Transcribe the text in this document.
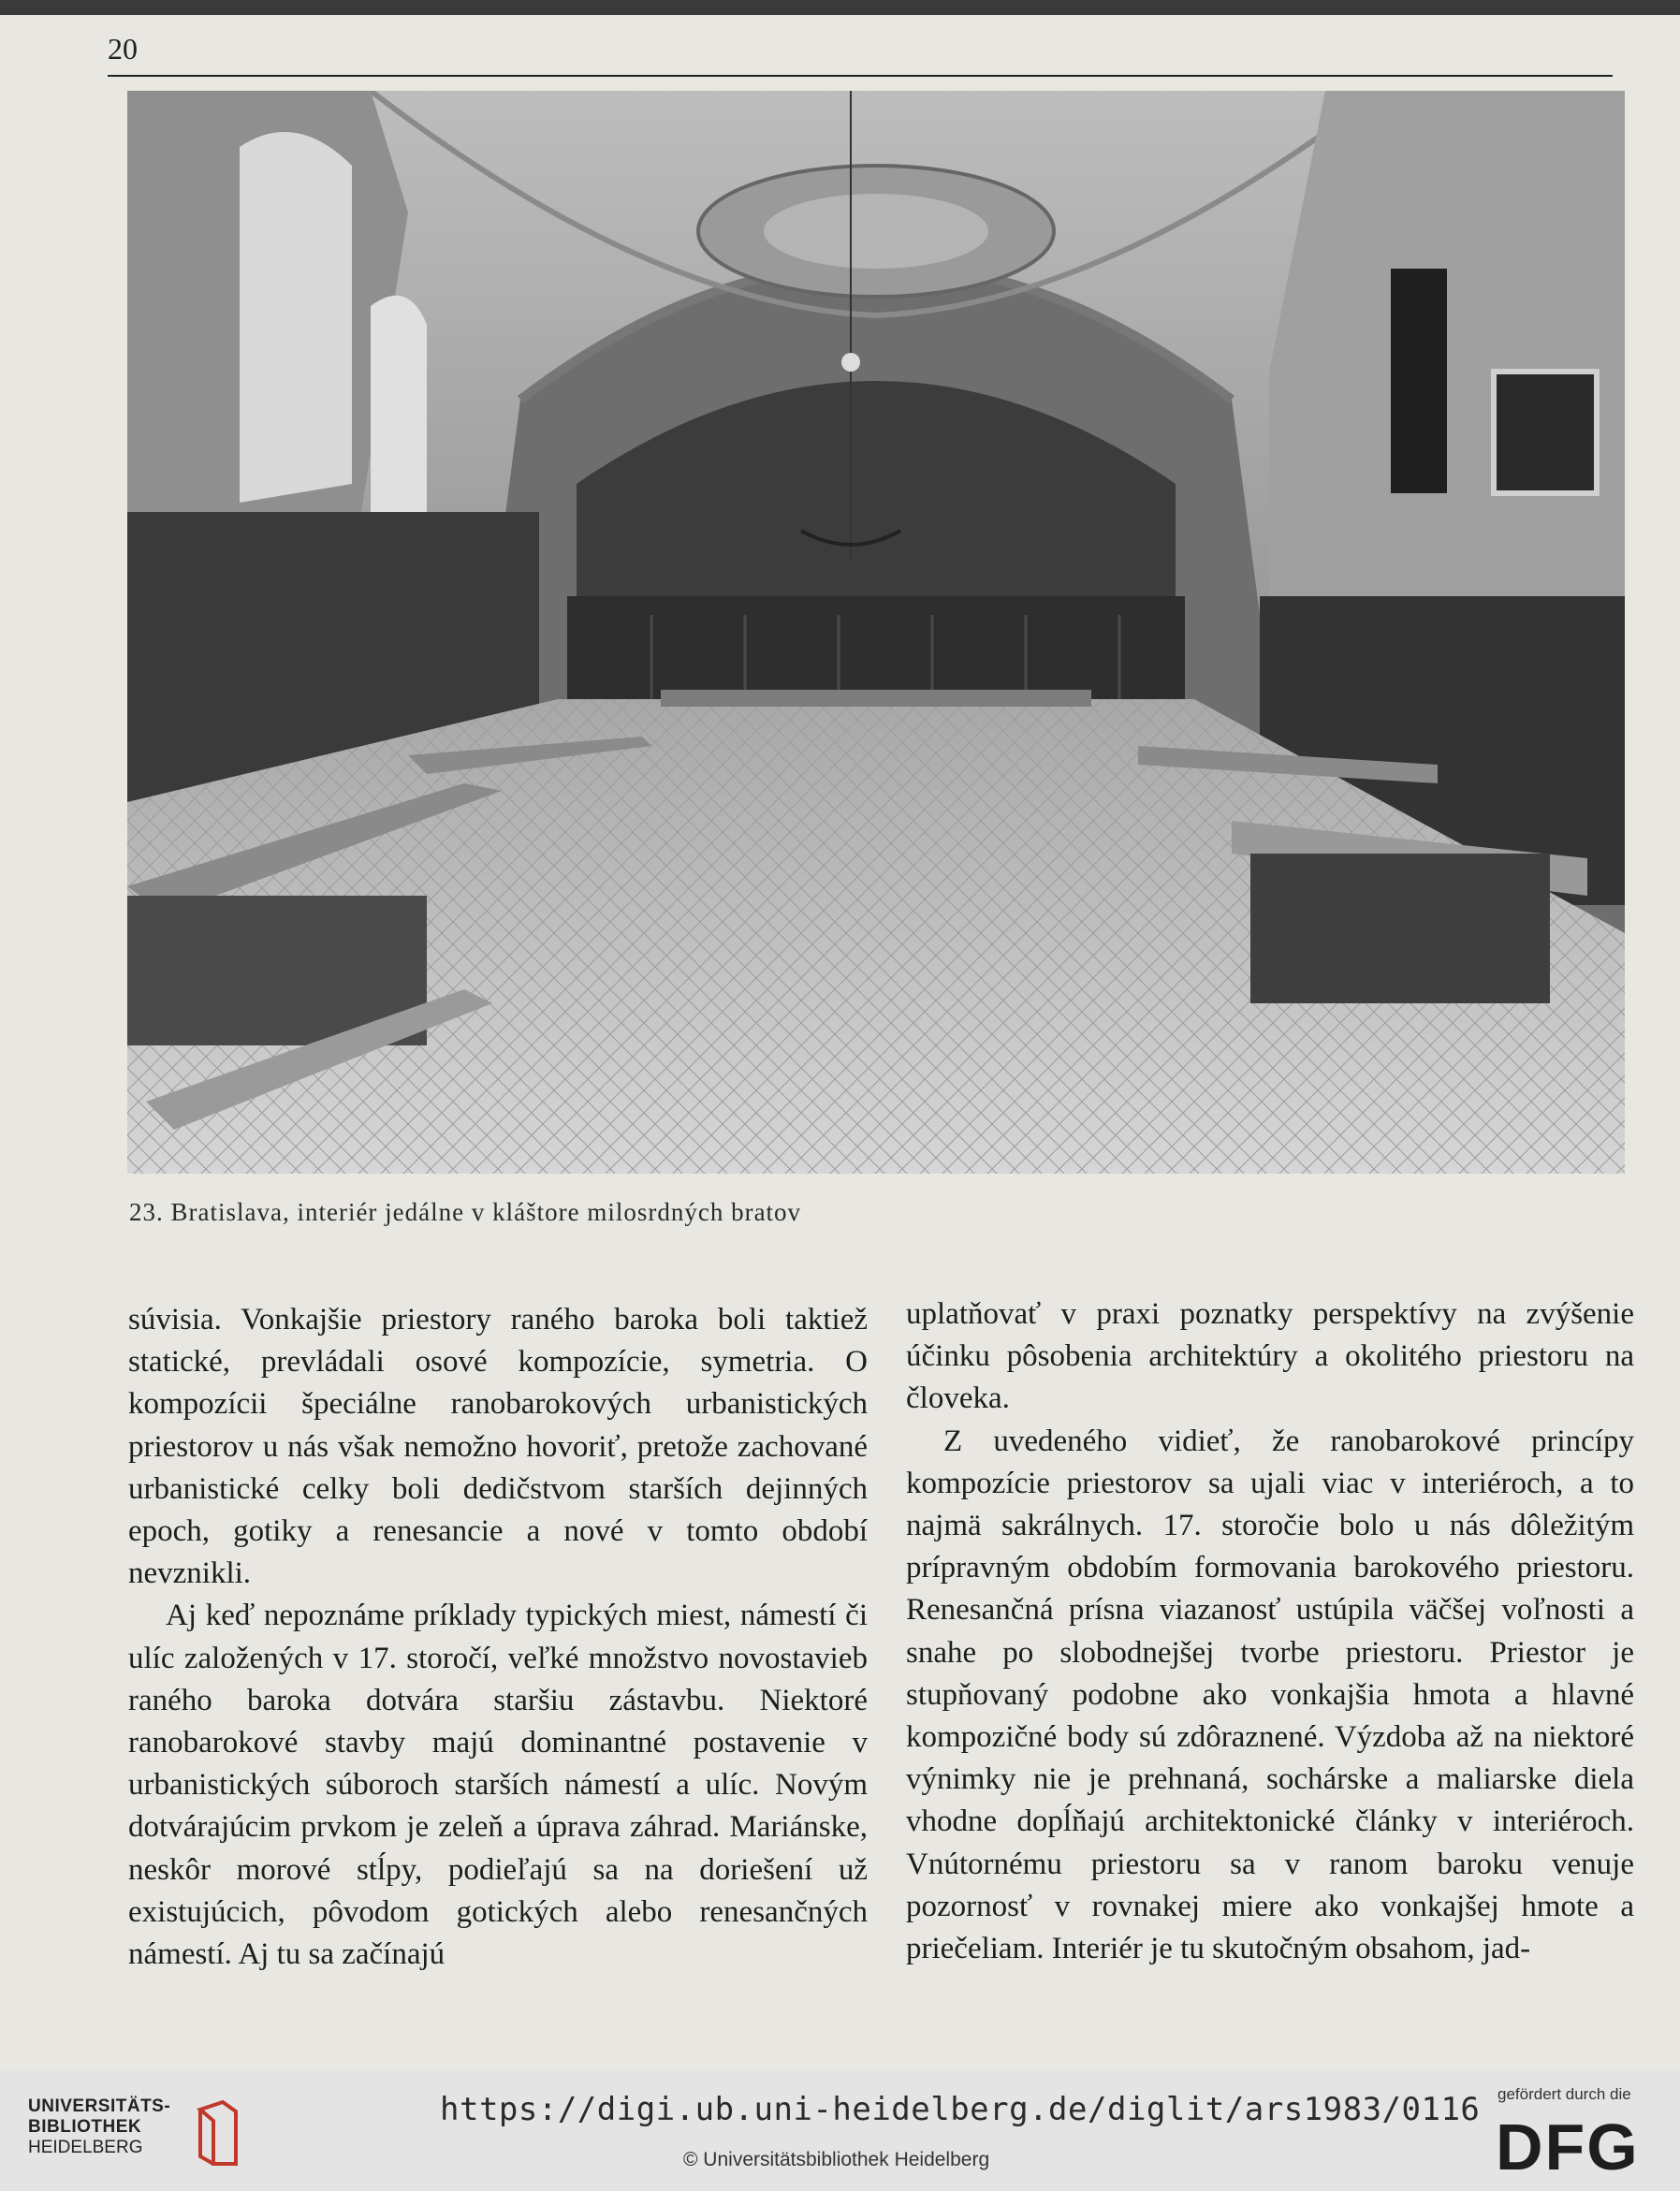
20
23. Bratislava, interiér jedálne v kláštore milosrdných bratov

súvisia. Vonkajšie priestory raného baroka boli taktiež statické, prevládali osové kompozície, symetria. O kompozícii špeciálne ranobarokových urbanistických priestorov u nás však nemožno hovoriť, pretože zachované urbanistické celky boli dedičstvom starších dejinných epoch, gotiky a renesancie a nové v tomto období nevznikli.

Aj keď nepoznáme príklady typických miest, námestí či ulíc založených v 17. storočí, veľké množstvo novostavieb raného baroka dotvára staršiu zástavbu. Niektoré ranobarokové stavby majú dominantné postavenie v urbanistických súboroch starších námestí a ulíc. Novým dotvárajúcim prvkom je zeleň a úprava záhrad. Mariánske, neskôr morové stĺpy, podieľajú sa na doriešení už existujúcich, pôvodom gotických alebo renesančných námestí. Aj tu sa začínajú

uplatňovať v praxi poznatky perspektívy na zvýšenie účinku pôsobenia architektúry a okolitého priestoru na človeka.

Z uvedeného vidieť, že ranobarokové princípy kompozície priestorov sa ujali viac v interiéroch, a to najmä sakrálnych. 17. storočie bolo u nás dôležitým prípravným obdobím formovania barokového priestoru. Renesančná prísna viazanosť ustúpila väčšej voľnosti a snahe po slobodnejšej tvorbe priestoru. Priestor je stupňovaný podobne ako vonkajšia hmota a hlavné kompozičné body sú zdôraznené. Výzdoba až na niektoré výnimky nie je prehnaná, sochárske a maliarske diela vhodne dopĺňajú architektonické články v interiéroch. Vnútornému priestoru sa v ranom baroku venuje pozornosť v rovnakej miere ako vonkajšej hmote a priečeliam. Interiér je tu skutočným obsahom, jad-

UNIVERSITÄTS-
BIBLIOTHEK
HEIDELBERG
https://digi.ub.uni-heidelberg.de/diglit/ars1983/0116
© Universitätsbibliothek Heidelberg
gefördert durch die
DFG
